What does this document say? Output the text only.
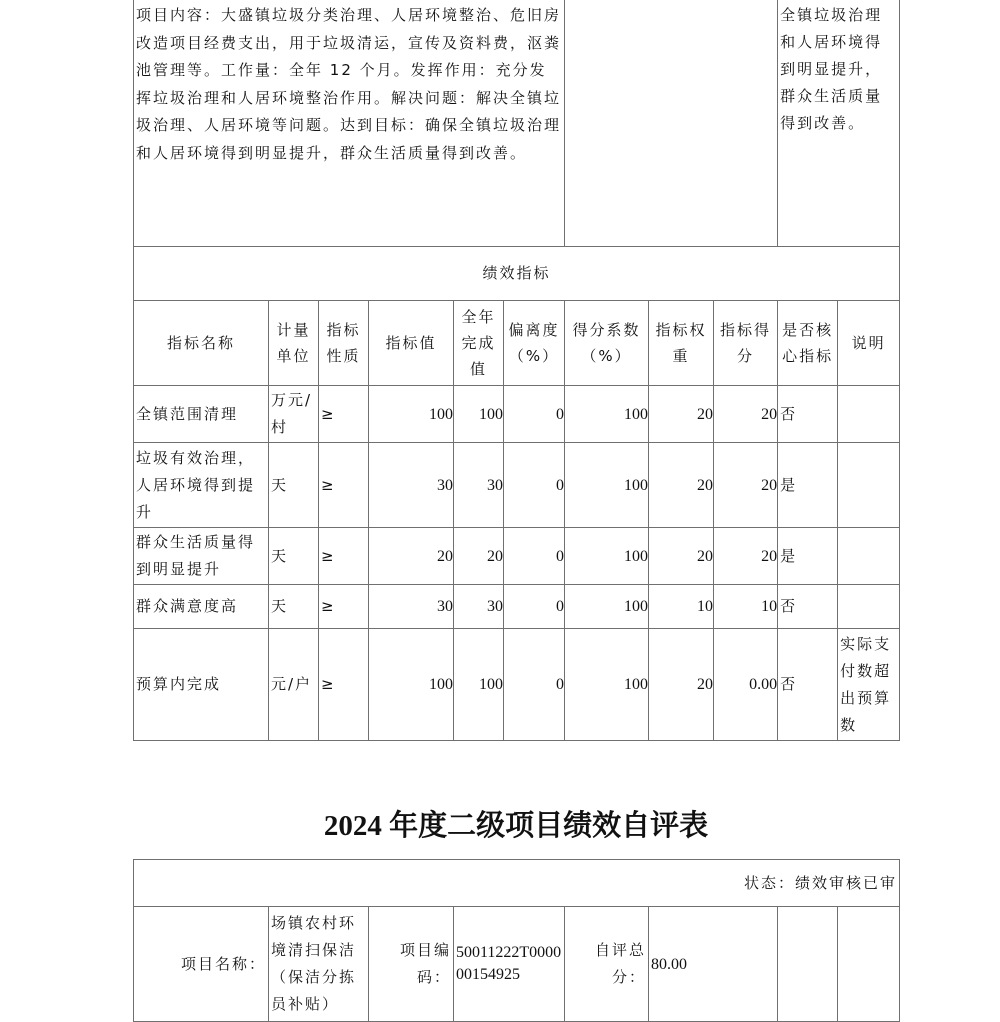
项目内容：大盛镇垃圾分类治理、人居环境整治、危旧房改造项目经费支出，用于垃圾清运，宣传及资料费，沤粪池管理等。工作量：全年 12 个月。发挥作用：充分发挥垃圾治理和人居环境整治作用。解决问题：解决全镇垃圾治理、人居环境等问题。达到目标：确保全镇垃圾治理和人居环境得到明显提升，群众生活质量得到改善。									全镇垃圾治理和人居环境得到明显提升，群众生活质量得到改善。	
绩效指标										
指标名称	计量单位	指标性质	指标值	全年完成值	偏离度（%）	得分系数（%）	指标权重	指标得分	是否核心指标	说明
全镇范围清理	万元/村	≥	100	100	0	100	20	20	否	
垃圾有效治理，人居环境得到提升	天	≥	30	30	0	100	20	20	是	
群众生活质量得到明显提升	天	≥	20	20	0	100	20	20	是	
群众满意度高	天	≥	30	30	0	100	10	10	否	
预算内完成	元/户	≥	100	100	0	100	20	0.00	否	实际支付数超出预算数
2024 年度二级项目绩效自评表
状态：绩效审核已审
项目名称：	场镇农村环境清扫保洁（保洁分拣员补贴）	项目编码：	50011222T000000154925	自评总分：	80.00		
